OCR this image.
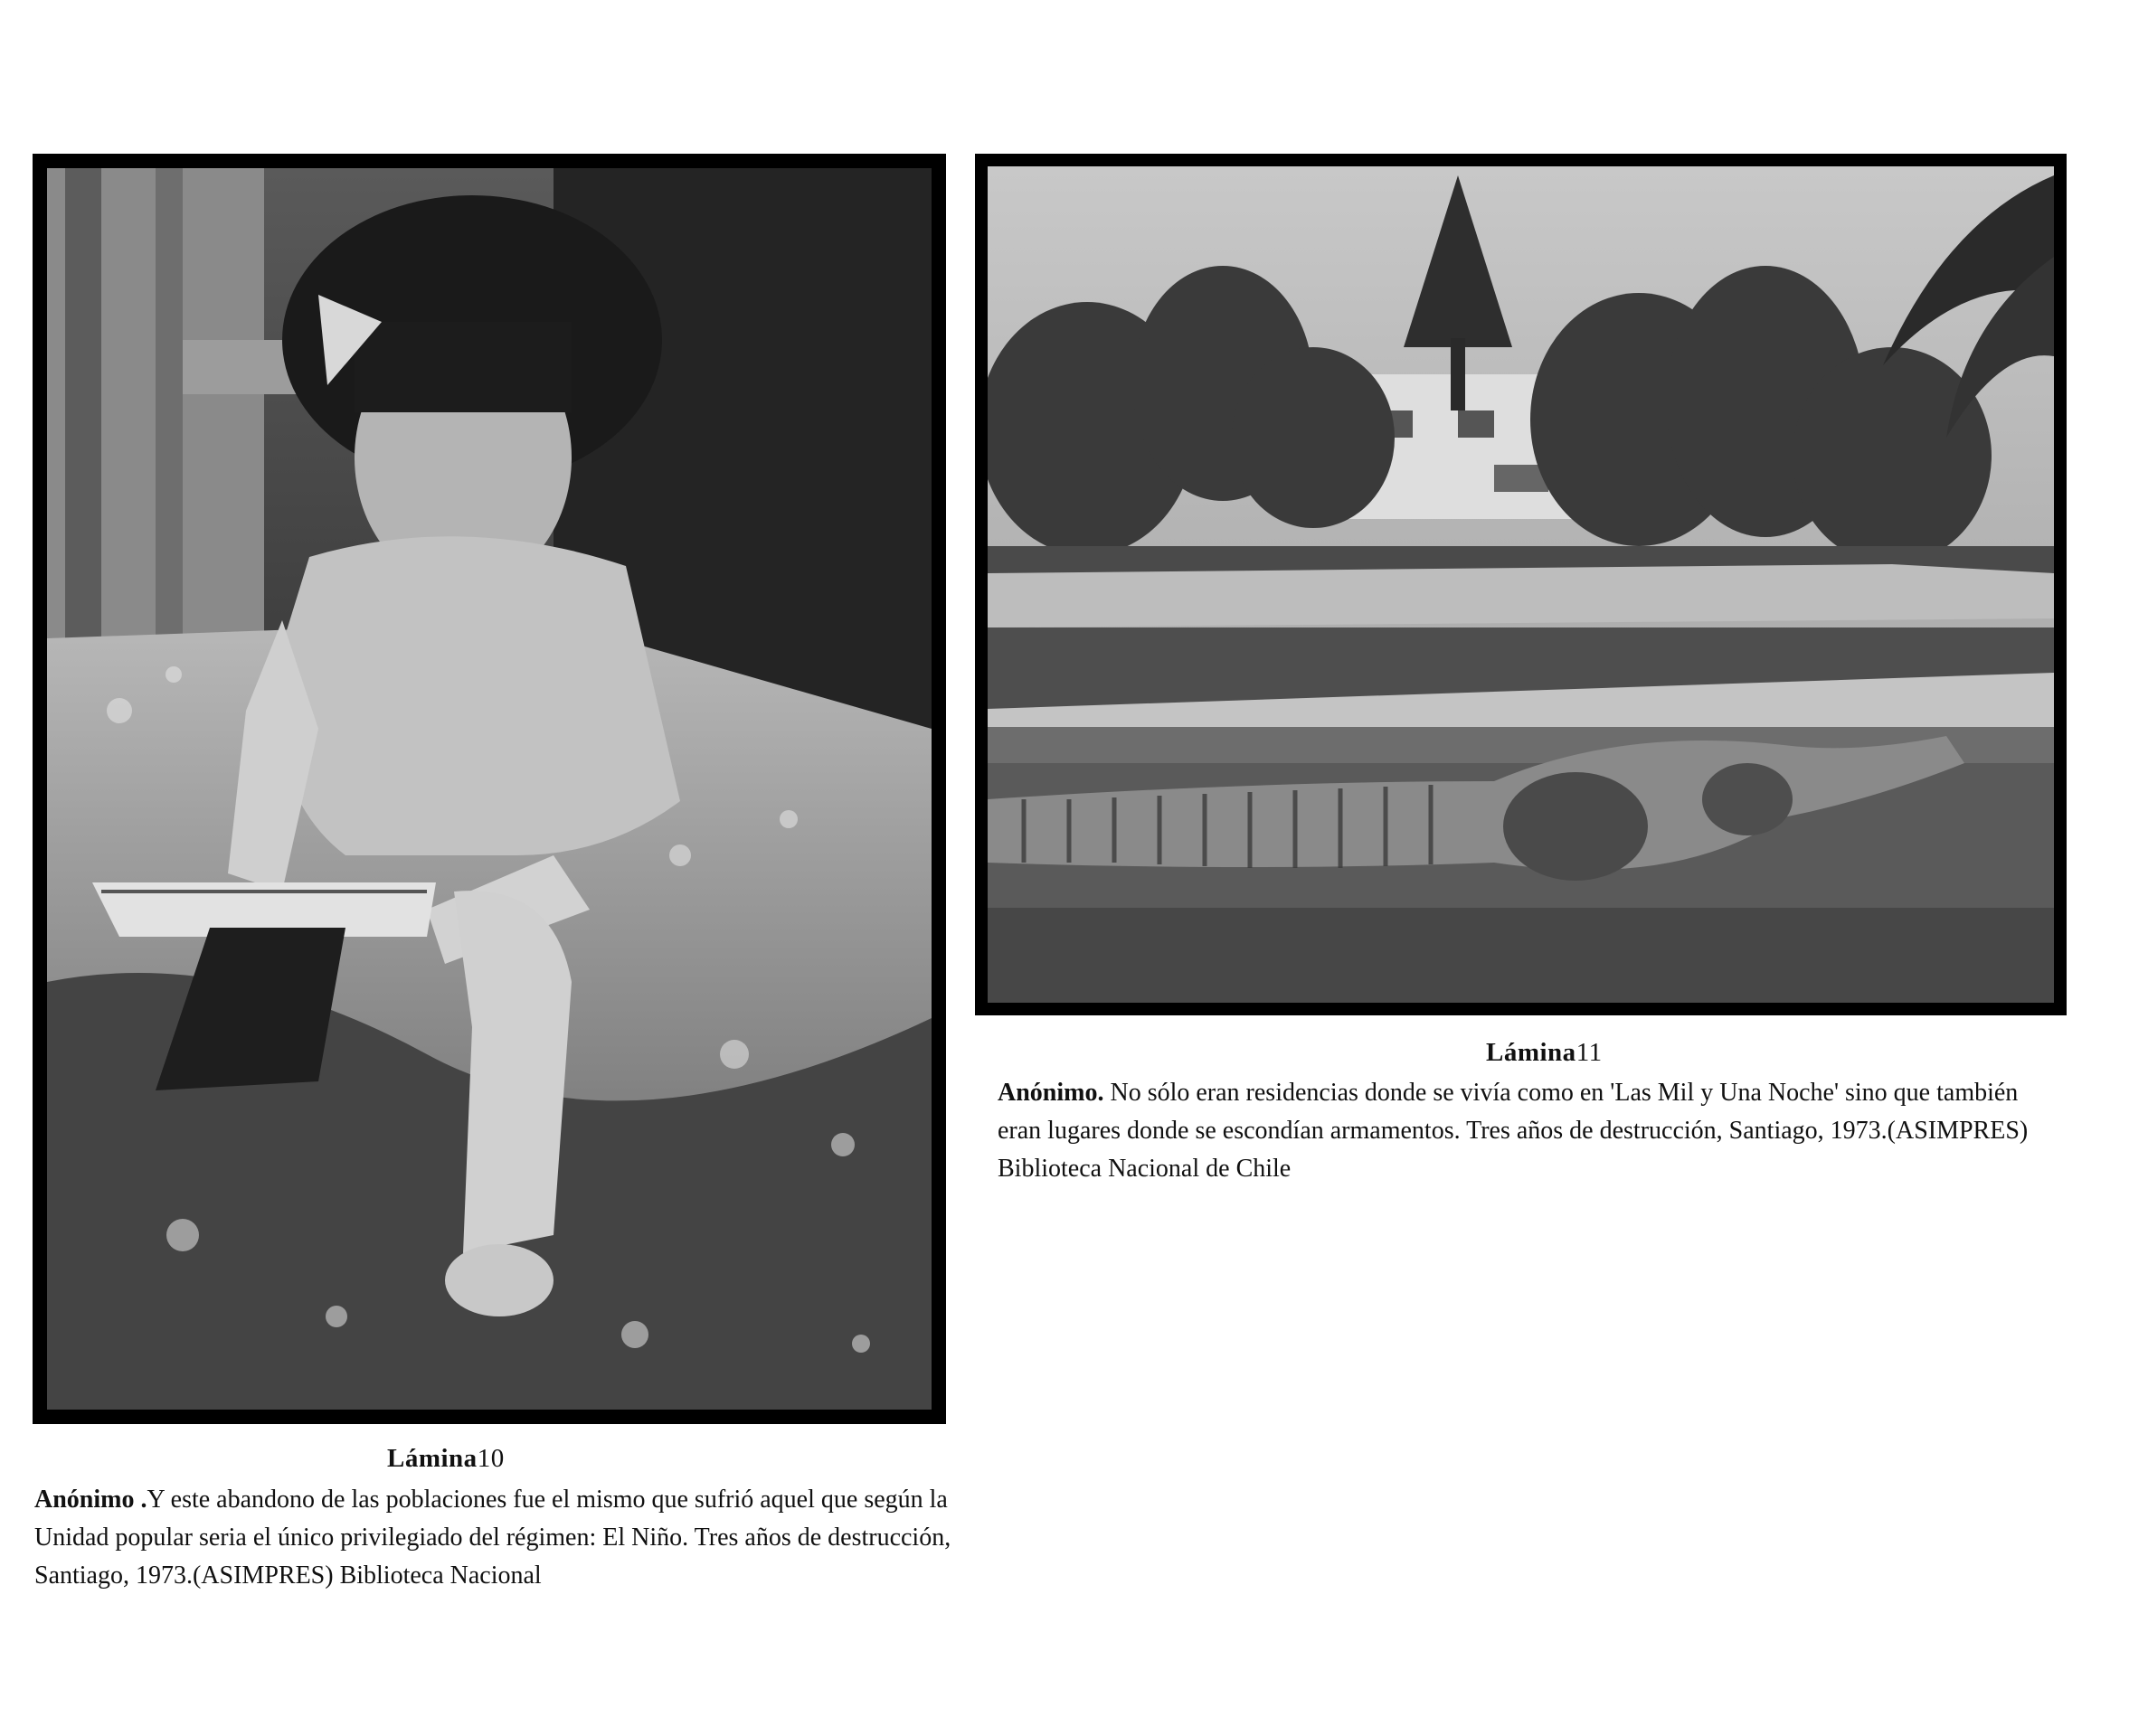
Lámina10
Anónimo .Y este abandono de las poblaciones fue el mismo que sufrió aquel que según la Unidad popular seria el único privilegiado del régimen: El Niño. Tres años de destrucción, Santiago, 1973.(ASIMPRES) Biblioteca Nacional
Lámina11
Anónimo. No sólo eran residencias donde se vivía como en 'Las Mil y Una Noche' sino que también eran lugares donde se escondían armamentos. Tres años de destrucción, Santiago, 1973.(ASIMPRES) Biblioteca Nacional de Chile
